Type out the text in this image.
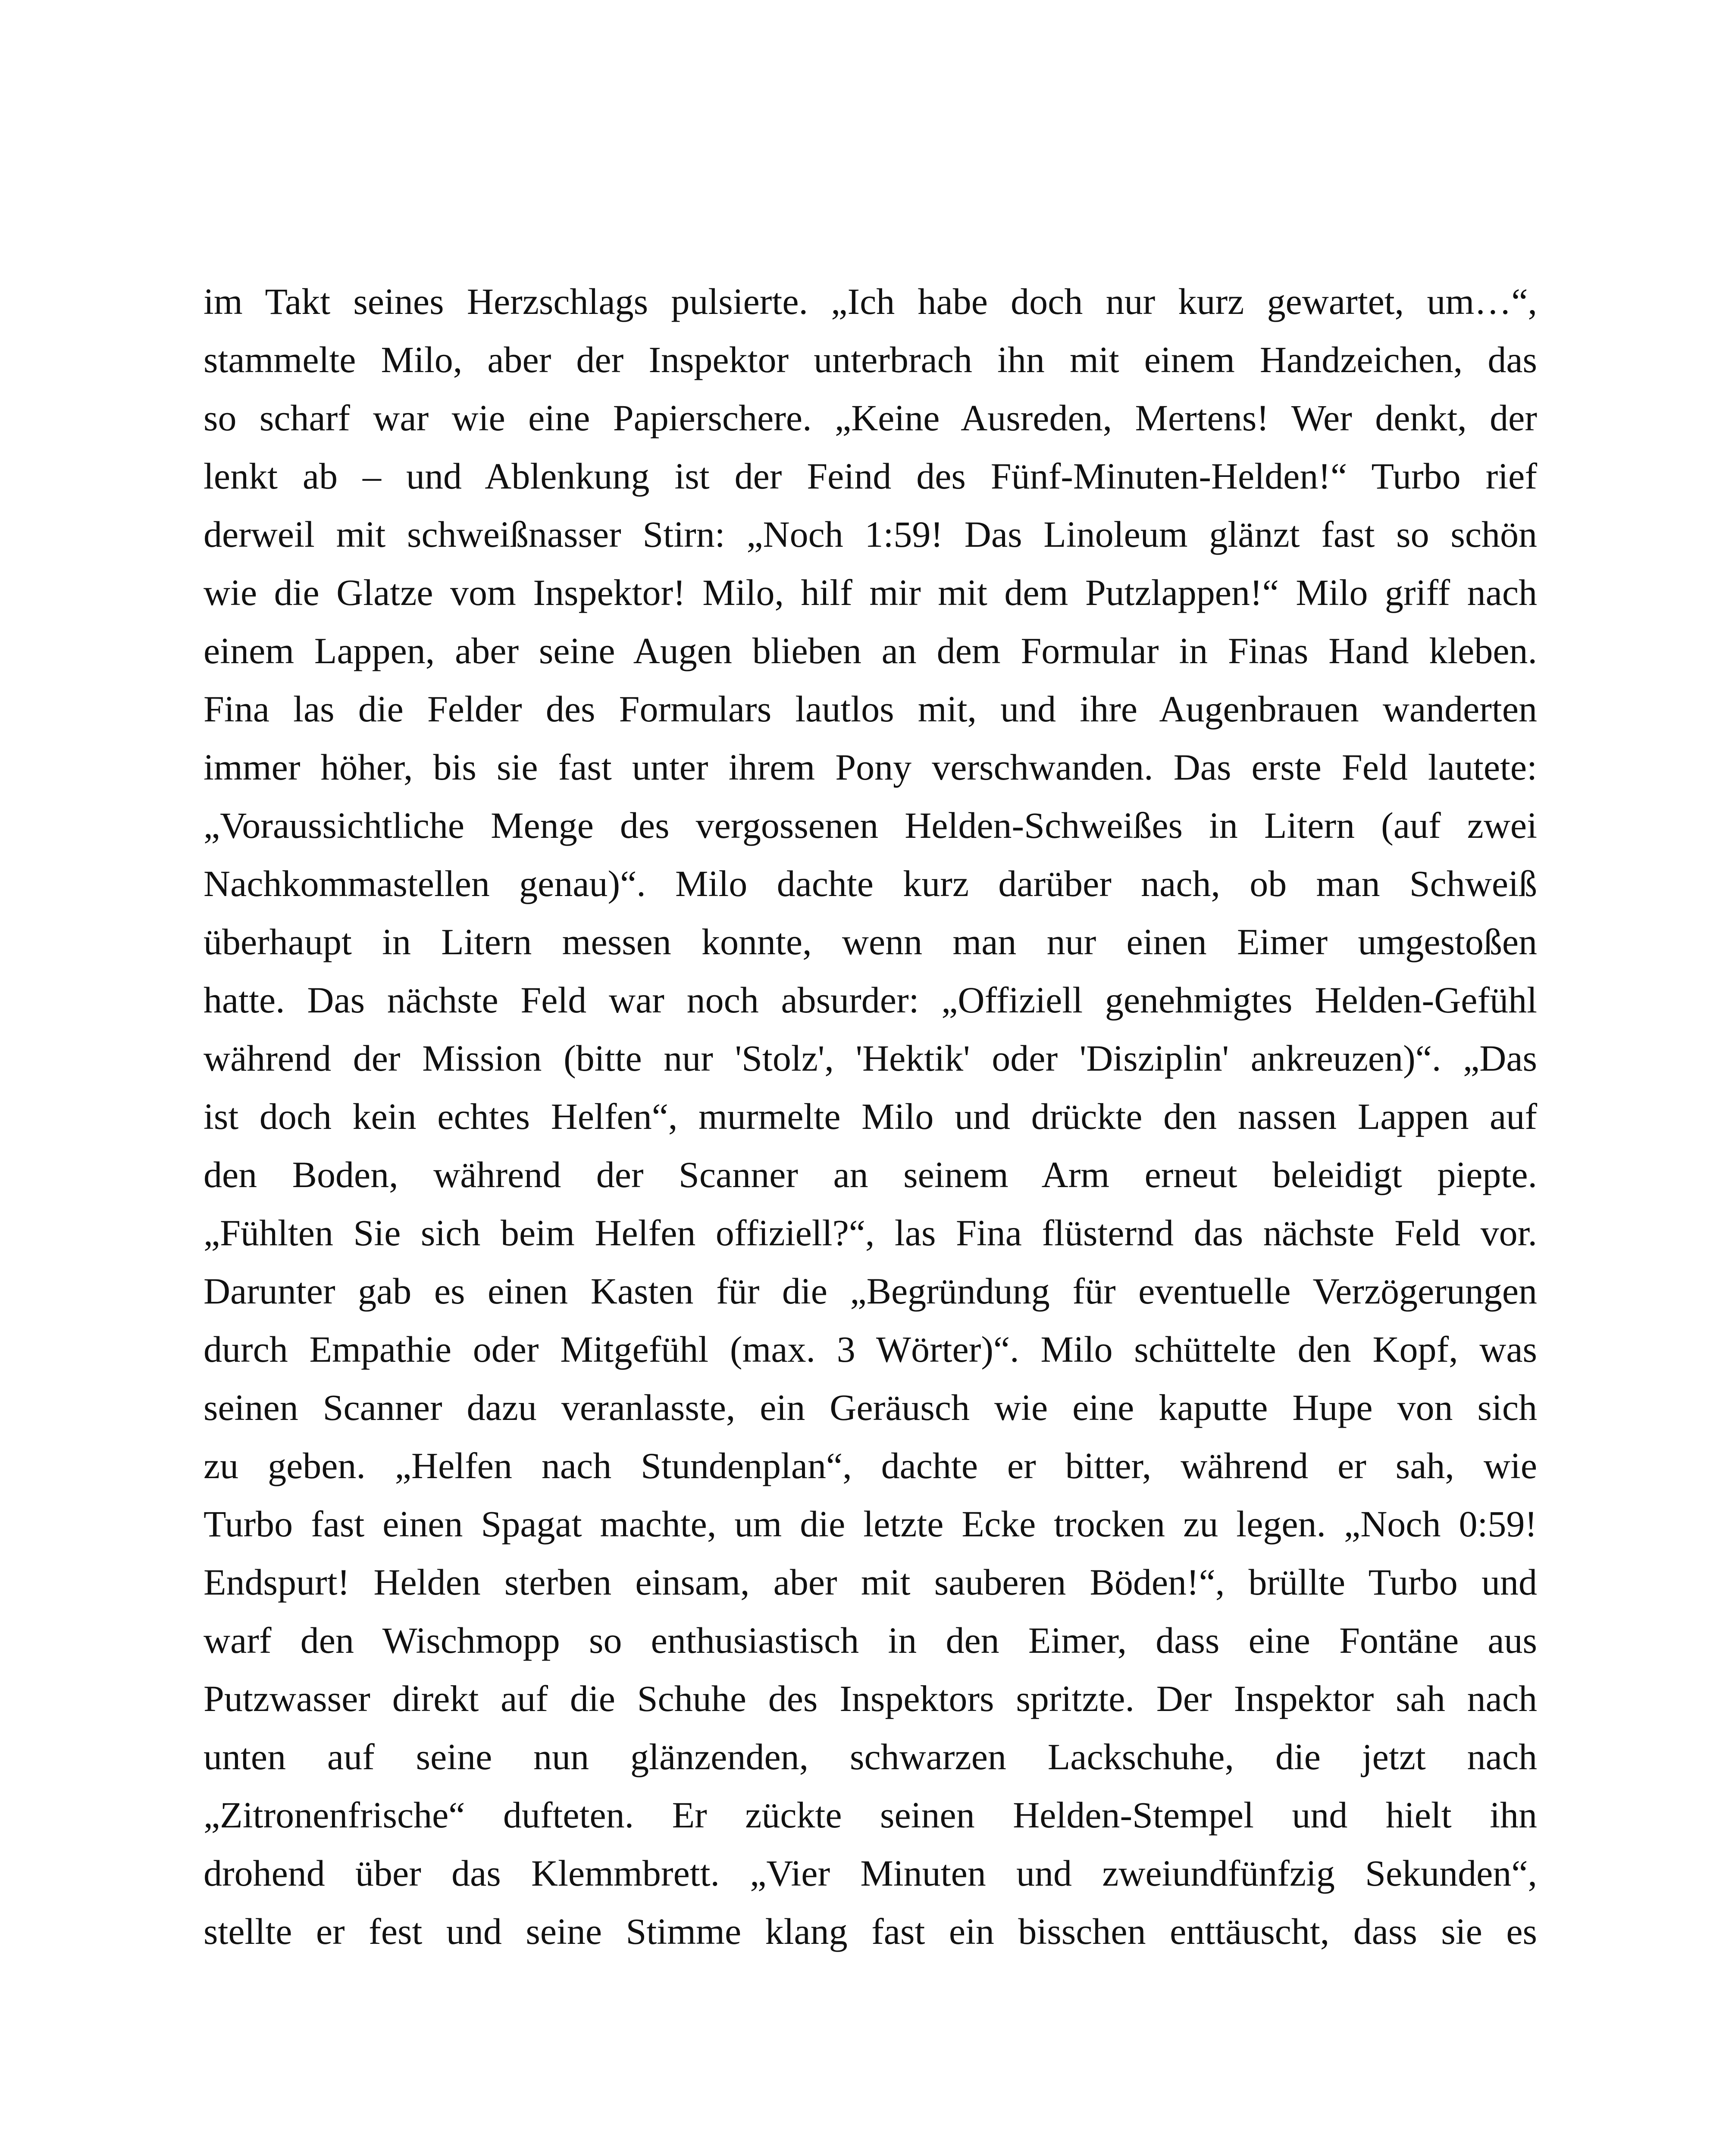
im Takt seines Herzschlags pulsierte. „Ich habe doch nur kurz gewartet, um…“,
stammelte Milo, aber der Inspektor unterbrach ihn mit einem Handzeichen, das
so scharf war wie eine Papierschere. „Keine Ausreden, Mertens! Wer denkt, der
lenkt ab – und Ablenkung ist der Feind des Fünf-Minuten-Helden!“ Turbo rief
derweil mit schweißnasser Stirn: „Noch 1:59! Das Linoleum glänzt fast so schön
wie die Glatze vom Inspektor! Milo, hilf mir mit dem Putzlappen!“ Milo griff nach
einem Lappen, aber seine Augen blieben an dem Formular in Finas Hand kleben.
Fina las die Felder des Formulars lautlos mit, und ihre Augenbrauen wanderten
immer höher, bis sie fast unter ihrem Pony verschwanden. Das erste Feld lautete:
„Voraussichtliche Menge des vergossenen Helden-Schweißes in Litern (auf zwei
Nachkommastellen genau)“. Milo dachte kurz darüber nach, ob man Schweiß
überhaupt in Litern messen konnte, wenn man nur einen Eimer umgestoßen
hatte. Das nächste Feld war noch absurder: „Offiziell genehmigtes Helden-Gefühl
während der Mission (bitte nur 'Stolz', 'Hektik' oder 'Disziplin' ankreuzen)“. „Das
ist doch kein echtes Helfen“, murmelte Milo und drückte den nassen Lappen auf
den Boden, während der Scanner an seinem Arm erneut beleidigt piepte.
„Fühlten Sie sich beim Helfen offiziell?“, las Fina flüsternd das nächste Feld vor.
Darunter gab es einen Kasten für die „Begründung für eventuelle Verzögerungen
durch Empathie oder Mitgefühl (max. 3 Wörter)“. Milo schüttelte den Kopf, was
seinen Scanner dazu veranlasste, ein Geräusch wie eine kaputte Hupe von sich
zu geben. „Helfen nach Stundenplan“, dachte er bitter, während er sah, wie
Turbo fast einen Spagat machte, um die letzte Ecke trocken zu legen. „Noch 0:59!
Endspurt! Helden sterben einsam, aber mit sauberen Böden!“, brüllte Turbo und
warf den Wischmopp so enthusiastisch in den Eimer, dass eine Fontäne aus
Putzwasser direkt auf die Schuhe des Inspektors spritzte. Der Inspektor sah nach
unten auf seine nun glänzenden, schwarzen Lackschuhe, die jetzt nach
„Zitronenfrische“ dufteten. Er zückte seinen Helden-Stempel und hielt ihn
drohend über das Klemmbrett. „Vier Minuten und zweiundfünfzig Sekunden“,
stellte er fest und seine Stimme klang fast ein bisschen enttäuscht, dass sie es
